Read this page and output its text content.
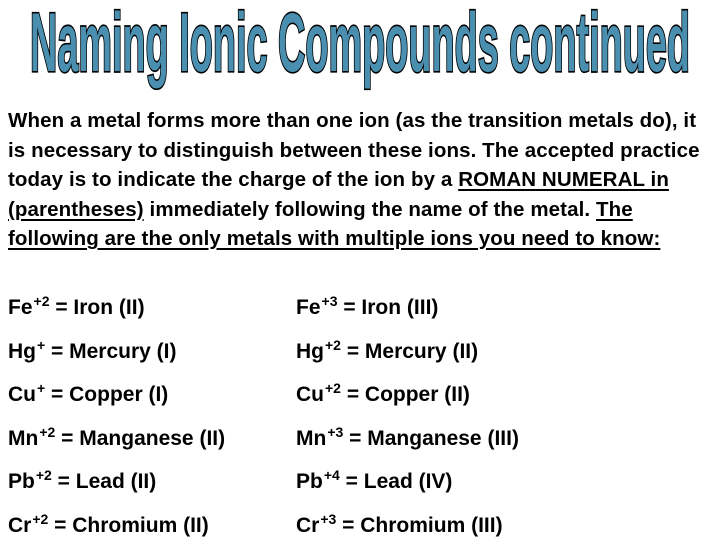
Naming Ionic Compounds continued
When a metal forms more than one ion (as the transition metals do), it is necessary to distinguish between these ions. The accepted practice today is to indicate the charge of the ion by a ROMAN NUMERAL in (parentheses) immediately following the name of the metal. The following are the only metals with multiple ions you need to know:
$Fe^{+2}$ = Iron (II)	$Fe^{+3}$ = Iron (III)
Hg+ = Mercury (I)	$Hg^{+2}$ = Mercury (II)
Cu+ = Copper (I)	$Cu^{+2}$ = Copper (II)
$Mn^{+2}$ = Manganese (II)	$Mn^{+3}$ = Manganese (III)
$Pb^{+2}$ = Lead (II)	$Pb^{+4}$ = Lead (IV)
$Cr^{+2}$ = Chromium (II)	$Cr^{+3}$ = Chromium (III)
